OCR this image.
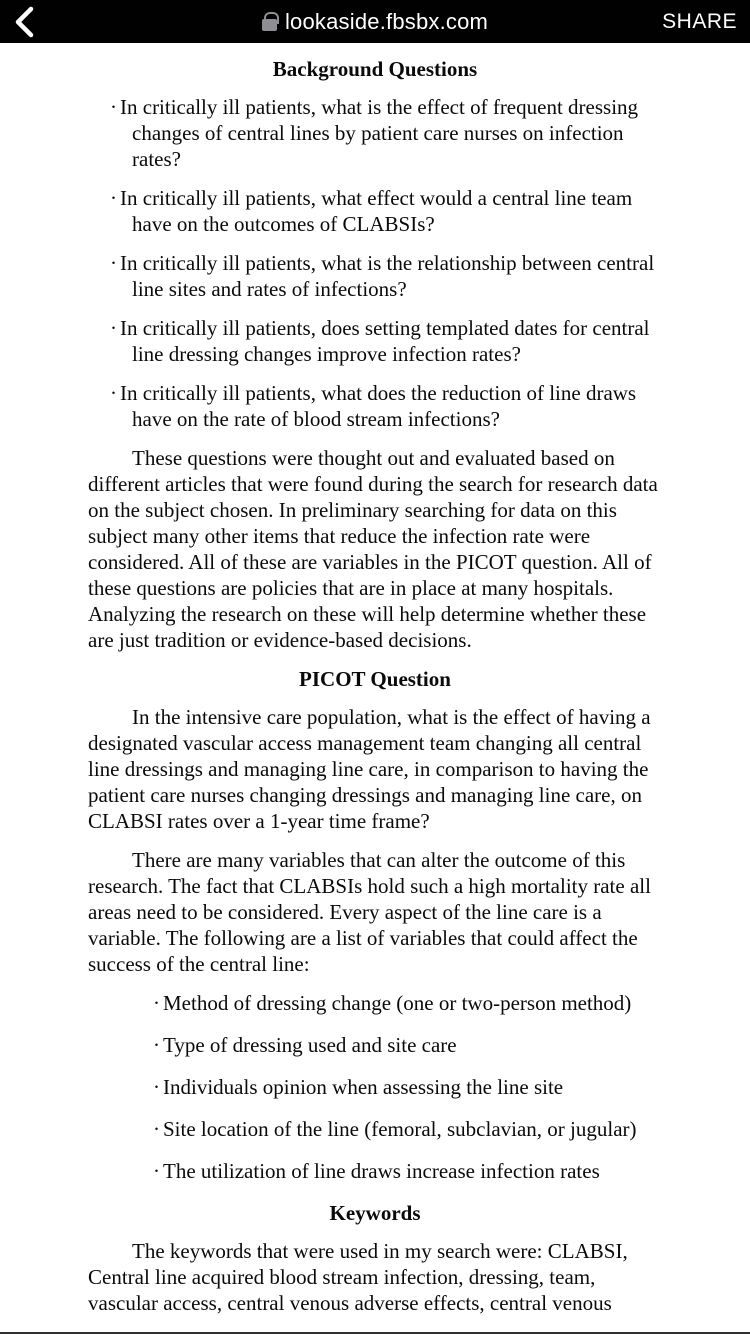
lookaside.fbsbx.com	SHARE
Background Questions
· In critically ill patients, what is the effect of frequent dressing changes of central lines by patient care nurses on infection rates?
· In critically ill patients, what effect would a central line team have on the outcomes of CLABSIs?
· In critically ill patients, what is the relationship between central line sites and rates of infections?
· In critically ill patients, does setting templated dates for central line dressing changes improve infection rates?
· In critically ill patients, what does the reduction of line draws have on the rate of blood stream infections?

These questions were thought out and evaluated based on different articles that were found during the search for research data on the subject chosen. In preliminary searching for data on this subject many other items that reduce the infection rate were considered. All of these are variables in the PICOT question. All of these questions are policies that are in place at many hospitals. Analyzing the research on these will help determine whether these are just tradition or evidence-based decisions.

PICOT Question

In the intensive care population, what is the effect of having a designated vascular access management team changing all central line dressings and managing line care, in comparison to having the patient care nurses changing dressings and managing line care, on CLABSI rates over a 1-year time frame?

There are many variables that can alter the outcome of this research. The fact that CLABSIs hold such a high mortality rate all areas need to be considered. Every aspect of the line care is a variable. The following are a list of variables that could affect the success of the central line:

· Method of dressing change (one or two-person method)
· Type of dressing used and site care
· Individuals opinion when assessing the line site
· Site location of the line (femoral, subclavian, or jugular)
· The utilization of line draws increase infection rates
Keywords

The keywords that were used in my search were: CLABSI, Central line acquired blood stream infection, dressing, team, vascular access, central venous adverse effects, central venous
